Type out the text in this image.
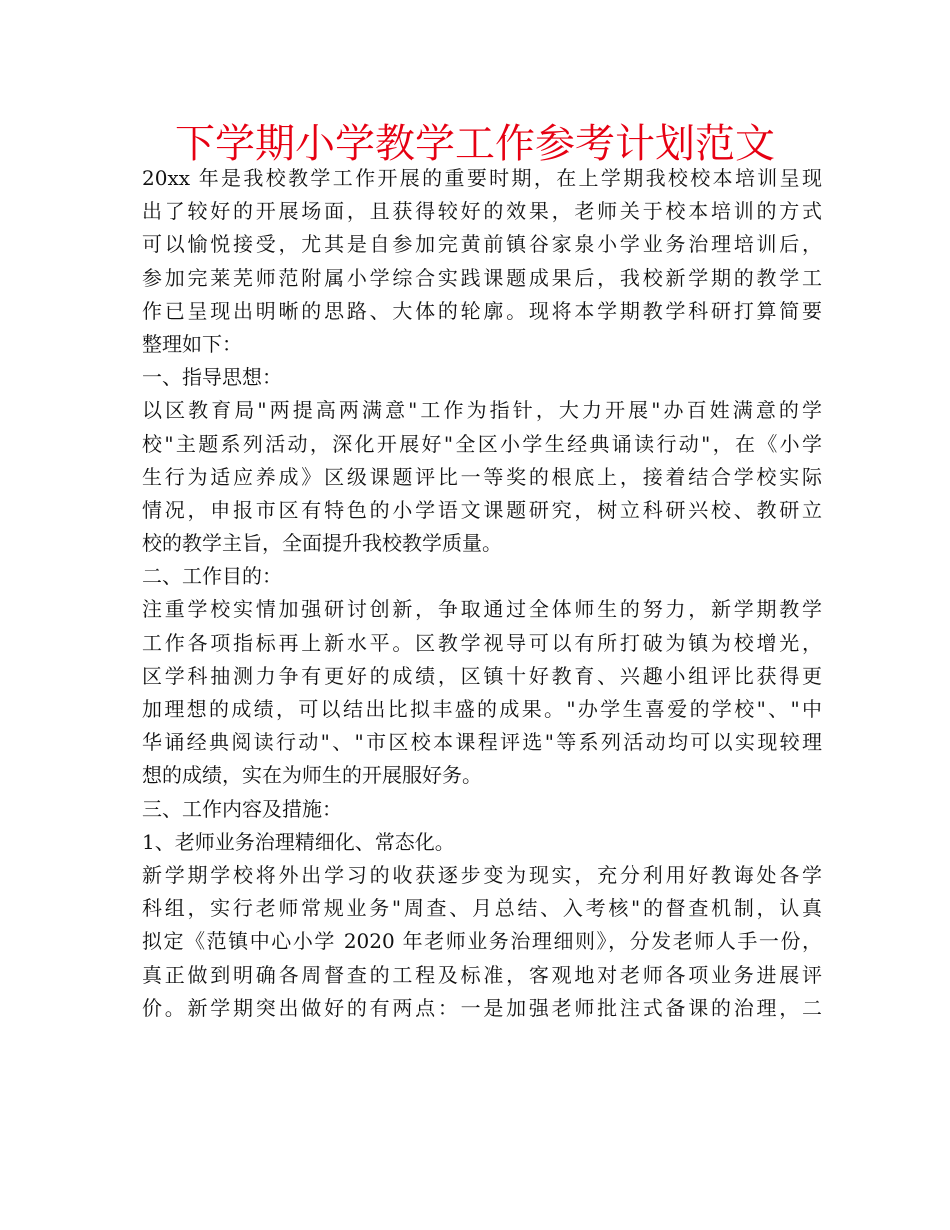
下学期小学教学工作参考计划范文
20xx 年是我校教学工作开展的重要时期，在上学期我校校本培训呈现
出了较好的开展场面，且获得较好的效果，老师关于校本培训的方式
可以愉悦接受，尤其是自参加完黄前镇谷家泉小学业务治理培训后，
参加完莱芜师范附属小学综合实践课题成果后，我校新学期的教学工
作已呈现出明晰的思路、大体的轮廓。现将本学期教学科研打算简要
整理如下：
一、指导思想：
以区教育局"两提高两满意"工作为指针，大力开展"办百姓满意的学
校"主题系列活动，深化开展好"全区小学生经典诵读行动"，在《小学
生行为适应养成》区级课题评比一等奖的根底上，接着结合学校实际
情况，申报市区有特色的小学语文课题研究，树立科研兴校、教研立
校的教学主旨，全面提升我校教学质量。
二、工作目的：
注重学校实情加强研讨创新，争取通过全体师生的努力，新学期教学
工作各项指标再上新水平。区教学视导可以有所打破为镇为校增光，
区学科抽测力争有更好的成绩，区镇十好教育、兴趣小组评比获得更
加理想的成绩，可以结出比拟丰盛的成果。"办学生喜爱的学校"、"中
华诵经典阅读行动"、"市区校本课程评选"等系列活动均可以实现较理
想的成绩，实在为师生的开展服好务。
三、工作内容及措施：
1、老师业务治理精细化、常态化。
新学期学校将外出学习的收获逐步变为现实，充分利用好教诲处各学
科组，实行老师常规业务"周查、月总结、入考核"的督查机制，认真
拟定《范镇中心小学 2020 年老师业务治理细则》，分发老师人手一份，
真正做到明确各周督查的工程及标准，客观地对老师各项业务进展评
价。新学期突出做好的有两点：一是加强老师批注式备课的治理，二
